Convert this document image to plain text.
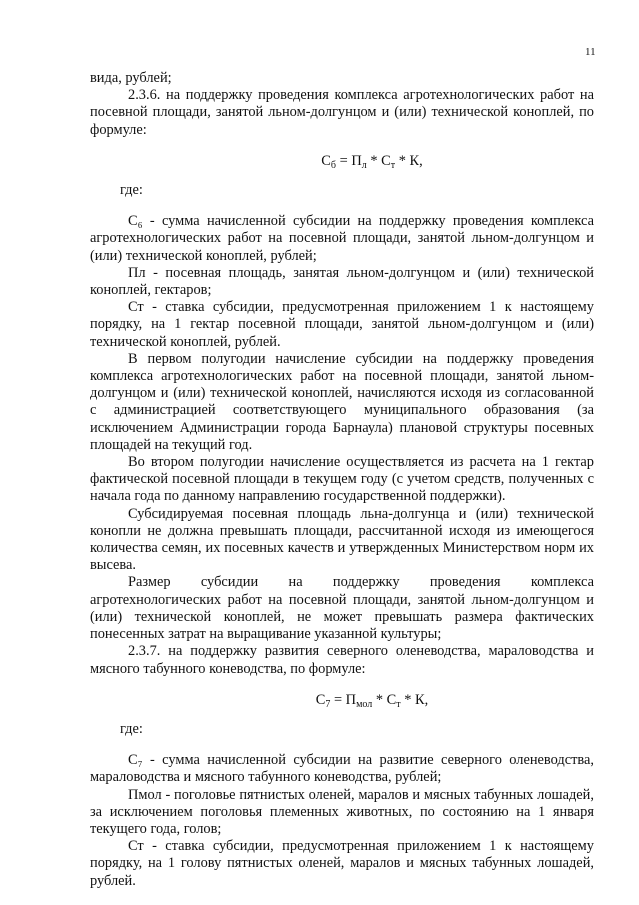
11

вида, рублей;

2.3.6. на поддержку проведения комплекса агротехнологических работ на посевной площади, занятой льном-долгунцом и (или) технической коноплей, по формуле:

$С_б = П_л * С_т * К$,

где:

С₆ - сумма начисленной субсидии на поддержку проведения комплекса агротехнологических работ на посевной площади, занятой льном-долгунцом и (или) технической коноплей, рублей;

Пл - посевная площадь, занятая льном-долгунцом и (или) технической коноплей, гектаров;

Ст - ставка субсидии, предусмотренная приложением 1 к настоящему порядку, на 1 гектар посевной площади, занятой льном-долгунцом и (или) технической коноплей, рублей.

В первом полугодии начисление субсидии на поддержку проведения комплекса агротехнологических работ на посевной площади, занятой льном-долгунцом и (или) технической коноплей, начисляются исходя из согласованной с администрацией соответствующего муниципального образования (за исключением Администрации города Барнаула) плановой структуры посевных площадей на текущий год.

Во втором полугодии начисление осуществляется из расчета на 1 гектар фактической посевной площади в текущем году (с учетом средств, полученных с начала года по данному направлению государственной поддержки).

Субсидируемая посевная площадь льна-долгунца и (или) технической конопли не должна превышать площади, рассчитанной исходя из имеющегося количества семян, их посевных качеств и утвержденных Министерством норм их высева.

Размер субсидии на поддержку проведения комплекса агротехнологических работ на посевной площади, занятой льном-долгунцом и (или) технической коноплей, не может превышать размера фактических понесенных затрат на выращивание указанной культуры;

2.3.7. на поддержку развития северного оленеводства, мараловодства и мясного табунного коневодства, по формуле:

$С_7 = П_{мол} * С_т * К$,

где:

С₇ - сумма начисленной субсидии на развитие северного оленеводства, мараловодства и мясного табунного коневодства, рублей;

Пмол - поголовье пятнистых оленей, маралов и мясных табунных лошадей, за исключением поголовья племенных животных, по состоянию на 1 января текущего года, голов;

Ст - ставка субсидии, предусмотренная приложением 1 к настоящему порядку, на 1 голову пятнистых оленей, маралов и мясных табунных лошадей, рублей.
